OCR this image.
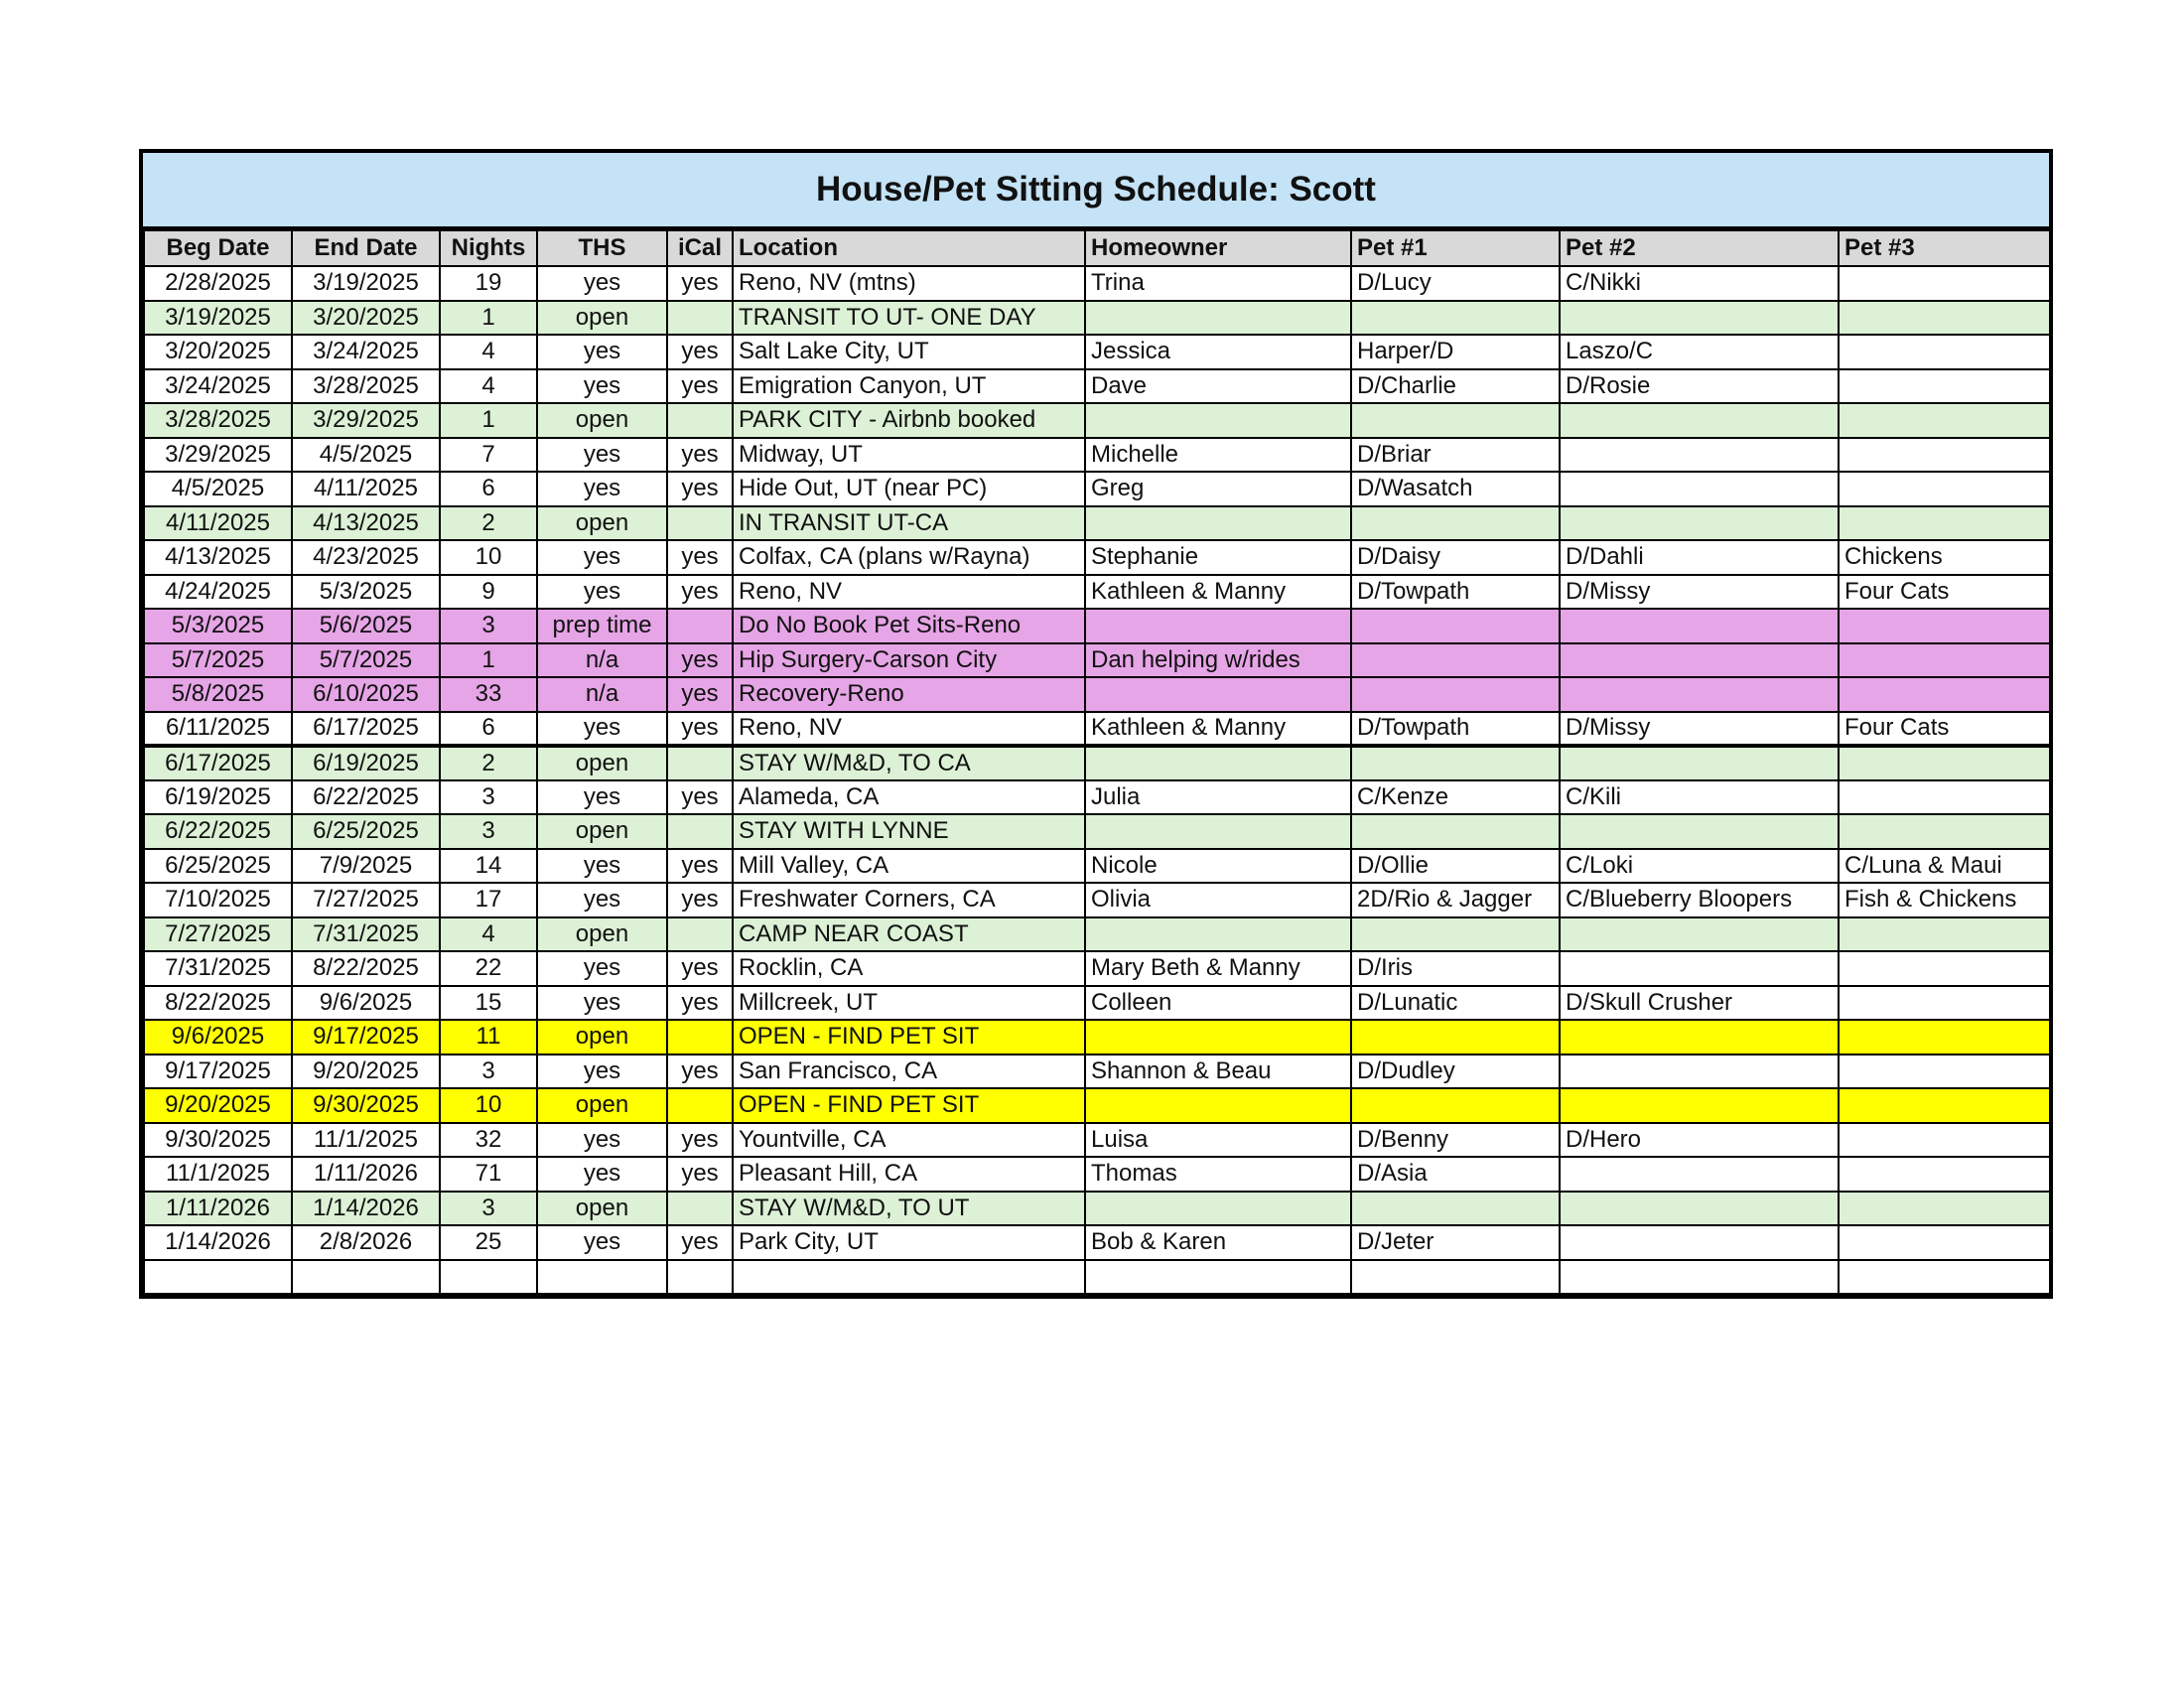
House/Pet Sitting Schedule: Scott
Beg Date	End Date	Nights	THS	iCal	Location	Homeowner	Pet #1	Pet #2	Pet #3
2/28/2025	3/19/2025	19	yes	yes	Reno, NV (mtns)	Trina	D/Lucy	C/Nikki	
3/19/2025	3/20/2025	1	open		TRANSIT TO UT- ONE DAY				
3/20/2025	3/24/2025	4	yes	yes	Salt Lake City, UT	Jessica	Harper/D	Laszo/C	
3/24/2025	3/28/2025	4	yes	yes	Emigration Canyon, UT	Dave	D/Charlie	D/Rosie	
3/28/2025	3/29/2025	1	open		PARK CITY - Airbnb booked				
3/29/2025	4/5/2025	7	yes	yes	Midway, UT	Michelle	D/Briar		
4/5/2025	4/11/2025	6	yes	yes	Hide Out, UT (near PC)	Greg	D/Wasatch		
4/11/2025	4/13/2025	2	open		IN TRANSIT UT-CA				
4/13/2025	4/23/2025	10	yes	yes	Colfax, CA (plans w/Rayna)	Stephanie	D/Daisy	D/Dahli	Chickens
4/24/2025	5/3/2025	9	yes	yes	Reno, NV	Kathleen & Manny	D/Towpath	D/Missy	Four Cats
5/3/2025	5/6/2025	3	prep time		Do No Book Pet Sits-Reno				
5/7/2025	5/7/2025	1	n/a	yes	Hip Surgery-Carson City	Dan helping w/rides			
5/8/2025	6/10/2025	33	n/a	yes	Recovery-Reno				
6/11/2025	6/17/2025	6	yes	yes	Reno, NV	Kathleen & Manny	D/Towpath	D/Missy	Four Cats
6/17/2025	6/19/2025	2	open		STAY W/M&D, TO CA				
6/19/2025	6/22/2025	3	yes	yes	Alameda, CA	Julia	C/Kenze	C/Kili	
6/22/2025	6/25/2025	3	open		STAY WITH LYNNE				
6/25/2025	7/9/2025	14	yes	yes	Mill Valley, CA	Nicole	D/Ollie	C/Loki	C/Luna & Maui
7/10/2025	7/27/2025	17	yes	yes	Freshwater Corners, CA	Olivia	2D/Rio & Jagger	C/Blueberry Bloopers	Fish & Chickens
7/27/2025	7/31/2025	4	open		CAMP NEAR COAST				
7/31/2025	8/22/2025	22	yes	yes	Rocklin, CA	Mary Beth & Manny	D/Iris		
8/22/2025	9/6/2025	15	yes	yes	Millcreek, UT	Colleen	D/Lunatic	D/Skull Crusher	
9/6/2025	9/17/2025	11	open		OPEN - FIND PET SIT				
9/17/2025	9/20/2025	3	yes	yes	San Francisco, CA	Shannon & Beau	D/Dudley		
9/20/2025	9/30/2025	10	open		OPEN - FIND PET SIT				
9/30/2025	11/1/2025	32	yes	yes	Yountville, CA	Luisa	D/Benny	D/Hero	
11/1/2025	1/11/2026	71	yes	yes	Pleasant Hill, CA	Thomas	D/Asia		
1/11/2026	1/14/2026	3	open		STAY W/M&D, TO UT				
1/14/2026	2/8/2026	25	yes	yes	Park City, UT	Bob & Karen	D/Jeter		
